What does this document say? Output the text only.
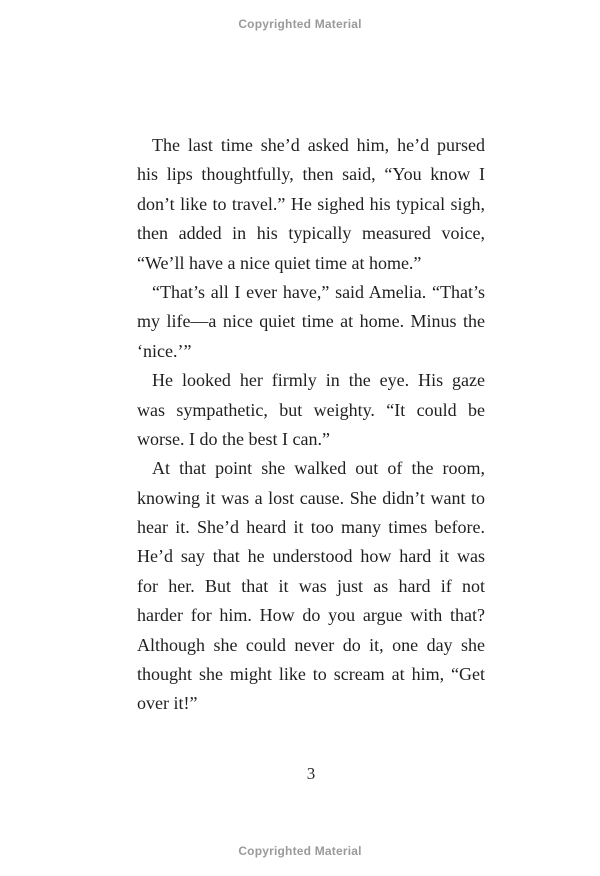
Copyrighted Material
The last time she’d asked him, he’d pursed
his lips thoughtfully, then said, “You know I
don’t like to travel.” He sighed his typical sigh,
then added in his typically measured voice,
“We’ll have a nice quiet time at home.”
“That’s all I ever have,” said Amelia. “That’s
my life—a nice quiet time at home. Minus the
‘nice.’”
He looked her firmly in the eye. His gaze
was sympathetic, but weighty. “It could be
worse. I do the best I can.”
At that point she walked out of the room,
knowing it was a lost cause. She didn’t want to
hear it. She’d heard it too many times before.
He’d say that he understood how hard it was
for her. But that it was just as hard if not
harder for him. How do you argue with that?
Although she could never do it, one day she
thought she might like to scream at him, “Get
over it!”
3
Copyrighted Material
